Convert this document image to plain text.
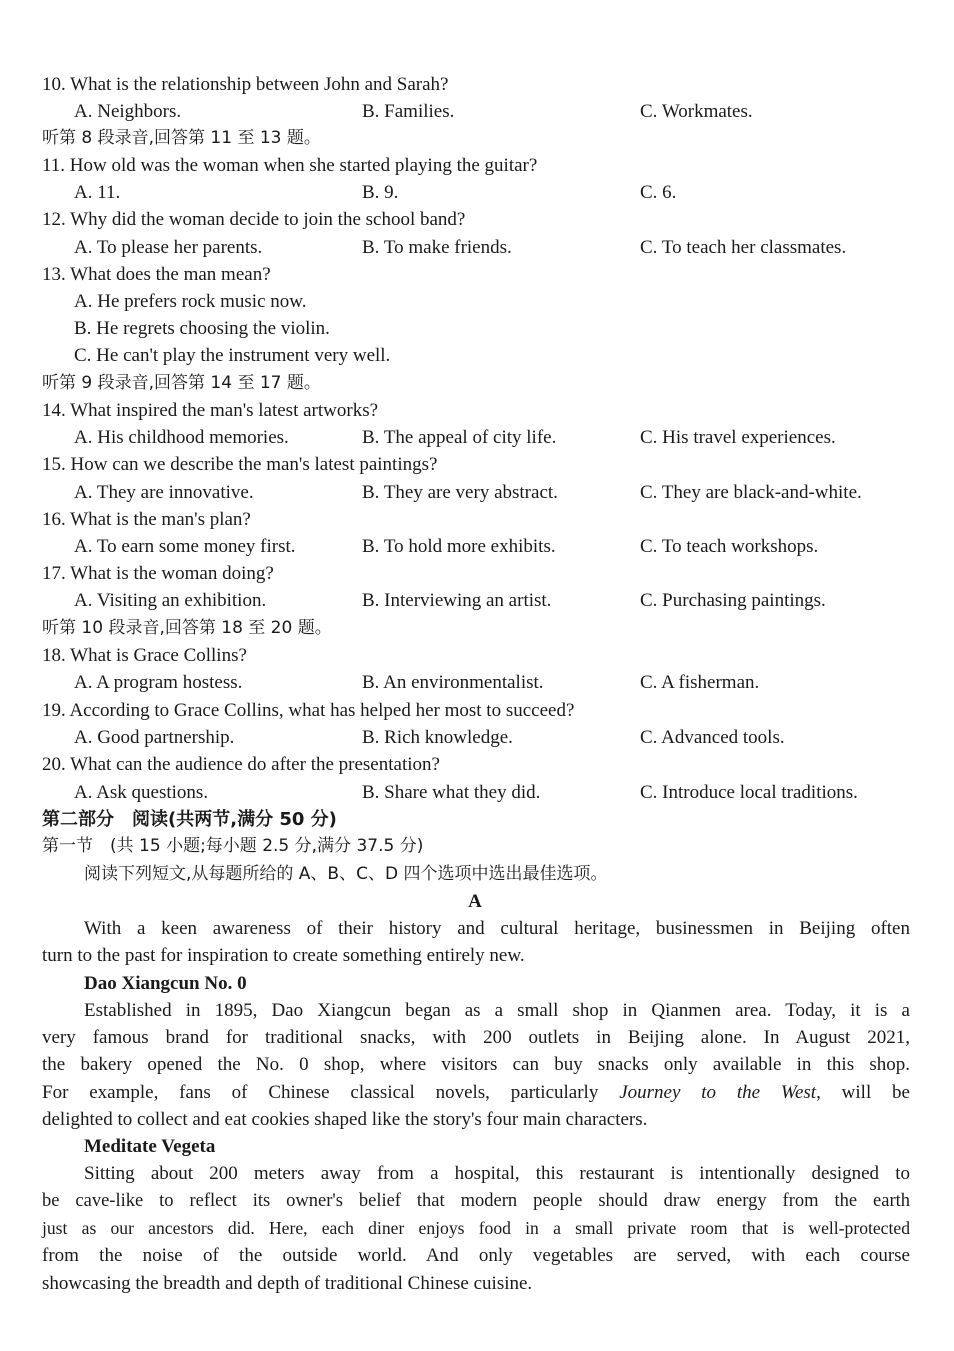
10. What is the relationship between John and Sarah?
A. Neighbors.	B. Families.	C. Workmates.
听第 8 段录音,回答第 11 至 13 题。
11. How old was the woman when she started playing the guitar?
A. 11.	B. 9.	C. 6.
12. Why did the woman decide to join the school band?
A. To please her parents.	B. To make friends.	C. To teach her classmates.
13. What does the man mean?
A. He prefers rock music now.
B. He regrets choosing the violin.
C. He can't play the instrument very well.
听第 9 段录音,回答第 14 至 17 题。
14. What inspired the man's latest artworks?
A. His childhood memories.	B. The appeal of city life.	C. His travel experiences.
15. How can we describe the man's latest paintings?
A. They are innovative.	B. They are very abstract.	C. They are black-and-white.
16. What is the man's plan?
A. To earn some money first.	B. To hold more exhibits.	C. To teach workshops.
17. What is the woman doing?
A. Visiting an exhibition.	B. Interviewing an artist.	C. Purchasing paintings.
听第 10 段录音,回答第 18 至 20 题。
18. What is Grace Collins?
A. A program hostess.	B. An environmentalist.	C. A fisherman.
19. According to Grace Collins, what has helped her most to succeed?
A. Good partnership.	B. Rich knowledge.	C. Advanced tools.
20. What can the audience do after the presentation?
A. Ask questions.	B. Share what they did.	C. Introduce local traditions.
第二部分　阅读(共两节,满分 50 分)
第一节　(共 15 小题;每小题 2.5 分,满分 37.5 分)
阅读下列短文,从每题所给的 A、B、C、D 四个选项中选出最佳选项。
A
With a keen awareness of their history and cultural heritage, businessmen in Beijing often
turn to the past for inspiration to create something entirely new.
Dao Xiangcun No. 0
Established in 1895, Dao Xiangcun began as a small shop in Qianmen area. Today, it is a
very famous brand for traditional snacks, with 200 outlets in Beijing alone. In August 2021,
the bakery opened the No. 0 shop, where visitors can buy snacks only available in this shop.
For example, fans of Chinese classical novels, particularly Journey to the West, will be
delighted to collect and eat cookies shaped like the story's four main characters.
Meditate Vegeta
Sitting about 200 meters away from a hospital, this restaurant is intentionally designed to
be cave-like to reflect its owner's belief that modern people should draw energy from the earth
just as our ancestors did. Here, each diner enjoys food in a small private room that is well-protected
from the noise of the outside world. And only vegetables are served, with each course
showcasing the breadth and depth of traditional Chinese cuisine.
